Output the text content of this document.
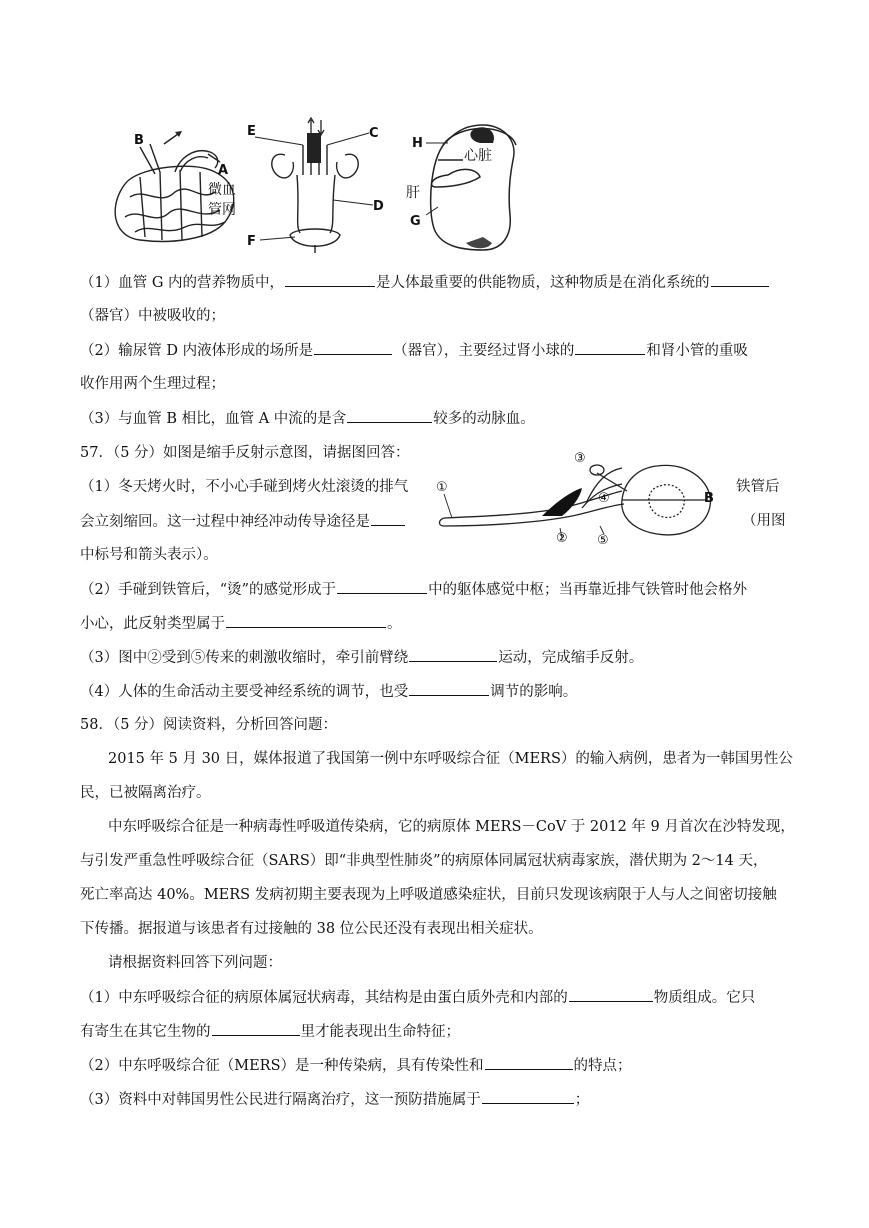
B
A
微血
管网
E	C
D
F
H
心脏
肝
G
（1）血管 G 内的营养物质中，	是人体最重要的供能物质，这种物质是在消化系统的
（器官）中被吸收的；
（2）输尿管 D 内液体形成的场所是	（器官），主要经过肾小球的	和肾小管的重吸
收作用两个生理过程；
（3）与血管 B 相比，血管 A 中流的是含	较多的动脉血。
57．（5 分）如图是缩手反射示意图，请据图回答：
①
②
③
④
⑤
B
（1）冬天烤火时，不小心手碰到烤火灶滚烫的排气	铁管后
会立刻缩回。这一过程中神经冲动传导途径是	（用图
中标号和箭头表示）。
（2）手碰到铁管后，“烫”的感觉形成于	中的躯体感觉中枢；当再靠近排气铁管时他会格外
小心，此反射类型属于	。
（3）图中②受到⑤传来的刺激收缩时，牵引前臂绕	运动，完成缩手反射。
（4）人体的生命活动主要受神经系统的调节，也受	调节的影响。
58．（5 分）阅读资料，分析回答问题：
2015 年 5 月 30 日，媒体报道了我国第一例中东呼吸综合征（MERS）的输入病例，患者为一韩国男性公
民，已被隔离治疗。
中东呼吸综合征是一种病毒性呼吸道传染病，它的病原体 MERS－CoV 于 2012 年 9 月首次在沙特发现，
与引发严重急性呼吸综合征（SARS）即“非典型性肺炎”的病原体同属冠状病毒家族，潜伏期为 2～14 天，
死亡率高达 40%。MERS 发病初期主要表现为上呼吸道感染症状，目前只发现该病限于人与人之间密切接触
下传播。据报道与该患者有过接触的 38 位公民还没有表现出相关症状。
请根据资料回答下列问题：
（1）中东呼吸综合征的病原体属冠状病毒，其结构是由蛋白质外壳和内部的	物质组成。它只
有寄生在其它生物的	里才能表现出生命特征；
（2）中东呼吸综合征（MERS）是一种传染病，具有传染性和	的特点；
（3）资料中对韩国男性公民进行隔离治疗，这一预防措施属于	；
